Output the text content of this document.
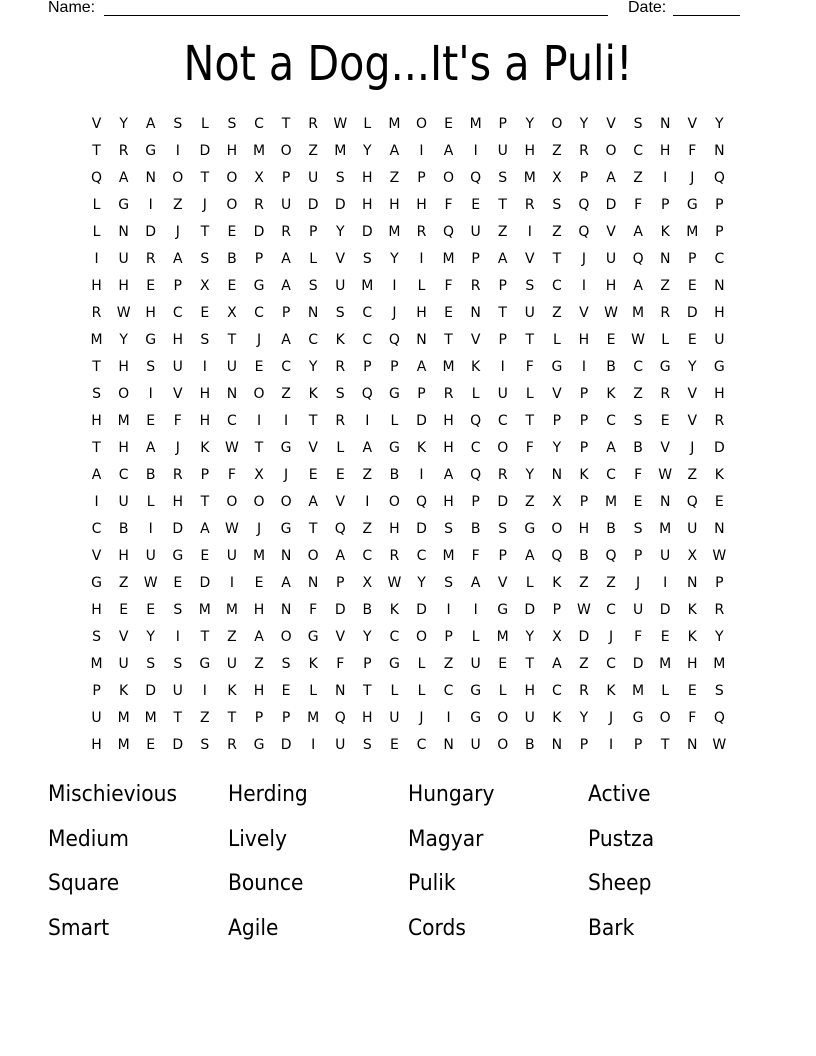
Name:	Date:
Not a Dog...It's a Puli!
V	Y	A	S	L	S	C	T	R	W	L	M	O	E	M	P	Y	O	Y	V	S	N	V	Y
T	R	G	I	D	H	M	O	Z	M	Y	A	I	A	I	U	H	Z	R	O	C	H	F	N
Q	A	N	O	T	O	X	P	U	S	H	Z	P	O	Q	S	M	X	P	A	Z	I	J	Q
L	G	I	Z	J	O	R	U	D	D	H	H	H	F	E	T	R	S	Q	D	F	P	G	P
L	N	D	J	T	E	D	R	P	Y	D	M	R	Q	U	Z	I	Z	Q	V	A	K	M	P
I	U	R	A	S	B	P	A	L	V	S	Y	I	M	P	A	V	T	J	U	Q	N	P	C
H	H	E	P	X	E	G	A	S	U	M	I	L	F	R	P	S	C	I	H	A	Z	E	N
R	W	H	C	E	X	C	P	N	S	C	J	H	E	N	T	U	Z	V	W	M	R	D	H
M	Y	G	H	S	T	J	A	C	K	C	Q	N	T	V	P	T	L	H	E	W	L	E	U
T	H	S	U	I	U	E	C	Y	R	P	P	A	M	K	I	F	G	I	B	C	G	Y	G
S	O	I	V	H	N	O	Z	K	S	Q	G	P	R	L	U	L	V	P	K	Z	R	V	H
H	M	E	F	H	C	I	I	T	R	I	L	D	H	Q	C	T	P	P	C	S	E	V	R
T	H	A	J	K	W	T	G	V	L	A	G	K	H	C	O	F	Y	P	A	B	V	J	D
A	C	B	R	P	F	X	J	E	E	Z	B	I	A	Q	R	Y	N	K	C	F	W	Z	K
I	U	L	H	T	O	O	O	A	V	I	O	Q	H	P	D	Z	X	P	M	E	N	Q	E
C	B	I	D	A	W	J	G	T	Q	Z	H	D	S	B	S	G	O	H	B	S	M	U	N
V	H	U	G	E	U	M	N	O	A	C	R	C	M	F	P	A	Q	B	Q	P	U	X	W
G	Z	W	E	D	I	E	A	N	P	X	W	Y	S	A	V	L	K	Z	Z	J	I	N	P
H	E	E	S	M	M	H	N	F	D	B	K	D	I	I	G	D	P	W	C	U	D	K	R
S	V	Y	I	T	Z	A	O	G	V	Y	C	O	P	L	M	Y	X	D	J	F	E	K	Y
M	U	S	S	G	U	Z	S	K	F	P	G	L	Z	U	E	T	A	Z	C	D	M	H	M
P	K	D	U	I	K	H	E	L	N	T	L	L	C	G	L	H	C	R	K	M	L	E	S
U	M	M	T	Z	T	P	P	M	Q	H	U	J	I	G	O	U	K	Y	J	G	O	F	Q
H	M	E	D	S	R	G	D	I	U	S	E	C	N	U	O	B	N	P	I	P	T	N	W
Mischievious	Herding	Hungary	Active
Medium	Lively	Magyar	Pustza
Square	Bounce	Pulik	Sheep
Smart	Agile	Cords	Bark
